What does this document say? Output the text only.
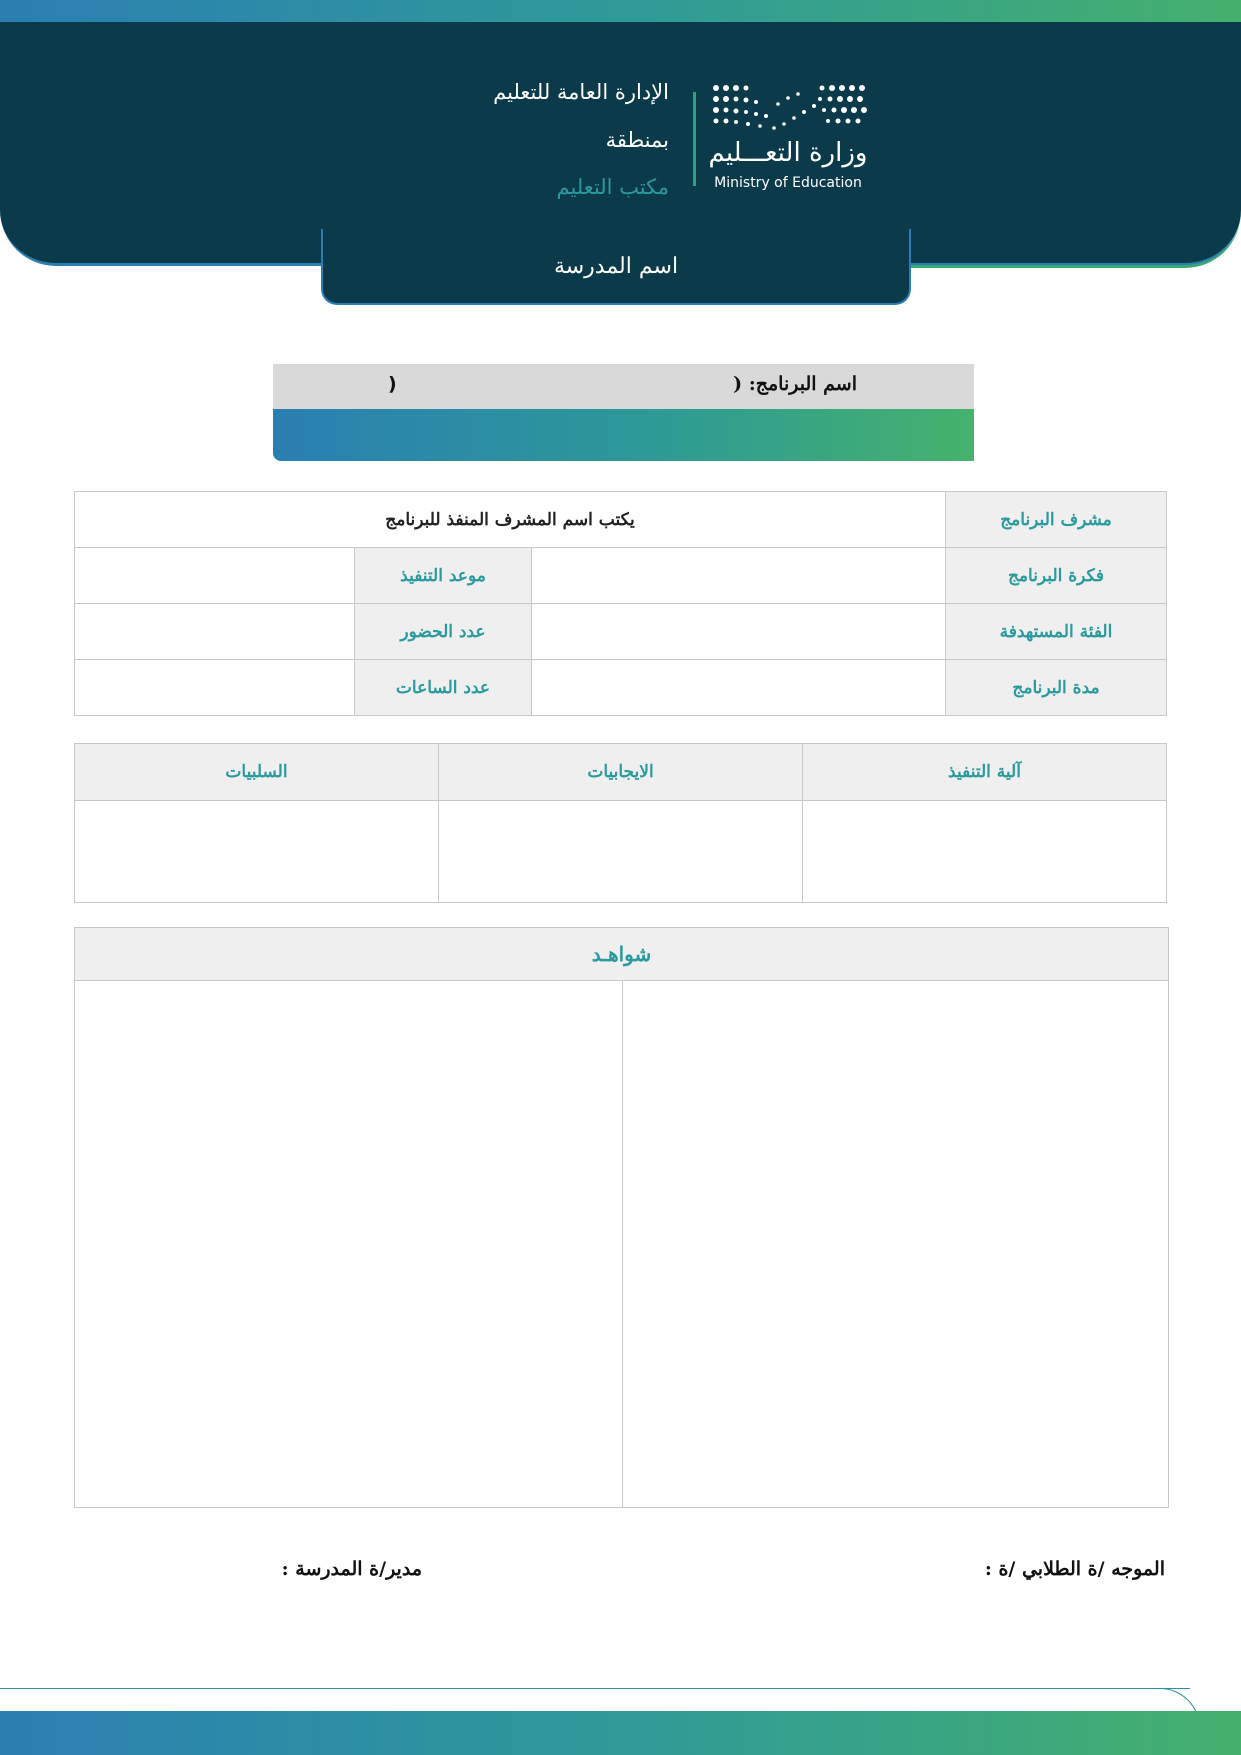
وزارة التعـــليم
Ministry of Education
الإدارة العامة للتعليم
بمنطقة
مكتب التعليم
اسم المدرسة
اسم البرنامج: (
)
يكتب اسم المشرف المنفذ للبرنامج			مشرف البرنامج
	موعد التنفيذ		فكرة البرنامج
	عدد الحضور		الفئة المستهدفة
	عدد الساعات		مدة البرنامج
السلبيات	الايجابيات	آلية التنفيذ

شواهـد

الموجه /ة الطلابي /ة :
مدير/ة المدرسة :
